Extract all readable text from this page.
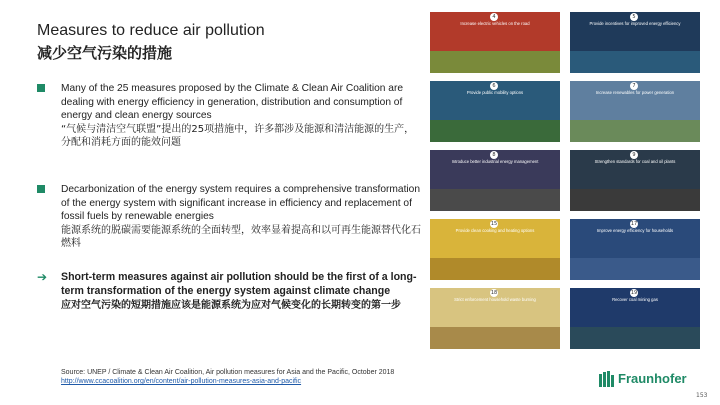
Measures to reduce air pollution
减少空气污染的措施
Many of the 25 measures proposed by the Climate & Clean Air Coalition are dealing with energy efficiency in generation, distribution and consumption of energy and clean energy sources
“气候与清洁空气联盟”提出的25项措施中，许多都涉及能源和清洁能源的生产，分配和消耗方面的能效问题
Decarbonization of the energy system requires a comprehensive transformation of the energy system with significant increase in efficiency and replacement of fossil fuels by renewable energies
能源系统的脱碳需要能源系统的全面转型，效率显着提高和以可再生能源替代化石燃料
➔ Short-term measures against air pollution should be the first of a long-term transformation of the energy system against climate change
应对空气污染的短期措施应该是能源系统为应对气候变化的长期转变的第一步
Source: UNEP / Climate & Clean Air Coalition, Air pollution measures for Asia and the Pacific, October 2018 http://www.ccacoalition.org/en/content/air-pollution-measures-asia-and-pacific
4
Increase electric vehicles on the road
5
Provide incentives for improved energy efficiency
6
Provide public mobility options
7
Increase renewables for power generation
8
Introduce better industrial energy management
9
Strengthen standards for coal and oil plants
15
Provide clean cooking and heating options
17
Improve energy efficiency for households
18
Strict enforcement household waste burning
19
Recover coal mining gas
Fraunhofer
153
